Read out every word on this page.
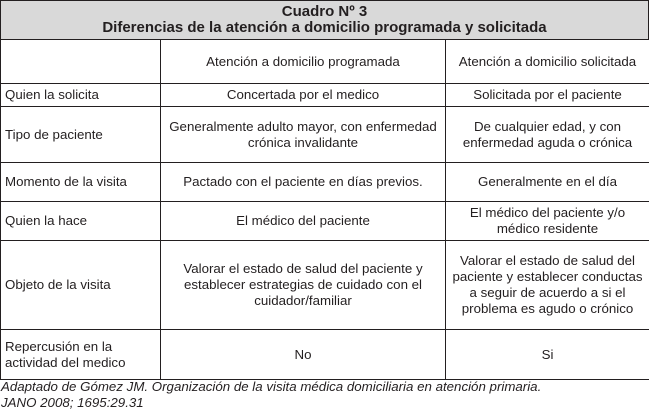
Cuadro Nº 3
Diferencias de la atención a domicilio programada y solicitada
	Atención a domicilio programada	Atención a domicilio solicitada
Quien la solicita	Concertada por el medico	Solicitada por el paciente
Tipo de paciente	Generalmente adulto mayor, con enfermedad crónica invalidante	De cualquier edad, y con enfermedad aguda o crónica
Momento de la visita	Pactado con el paciente en días previos.	Generalmente en el día
Quien la hace	El médico del paciente	El médico del paciente y/o médico residente
Objeto de la visita	Valorar el estado de salud del paciente y establecer estrategias de cuidado con el cuidador/familiar	Valorar el estado de salud del paciente y establecer conductas a seguir de acuerdo a si el problema es agudo o crónico
Repercusión en la actividad del medico	No	Si
Adaptado de Gómez JM. Organización de la visita médica domiciliaria en atención primaria.
JANO 2008; 1695:29.31
